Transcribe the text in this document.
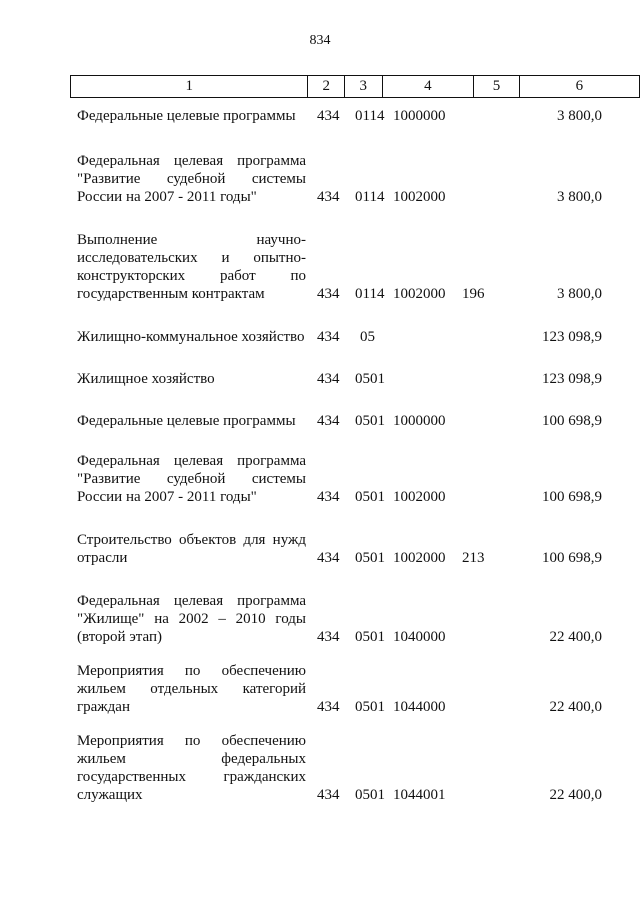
834
1	2	3	4	5	6
Федеральные целевые программы	434 0114 1000000	3 800,0
Федеральная целевая программа "Развитие судебной системы России на 2007 - 2011 годы"	434 0114 1002000	3 800,0
Выполнение научно-исследовательских и опытно-конструкторских работ по государственным контрактам	434 0114 1002000 196	3 800,0
Жилищно-коммунальное хозяйство 434 05	123 098,9
Жилищное хозяйство	434 0501	123 098,9
Федеральные целевые программы	434 0501 1000000	100 698,9
Федеральная целевая программа "Развитие судебной системы России на 2007 - 2011 годы"	434 0501 1002000	100 698,9
Строительство объектов для нужд отрасли	434 0501 1002000 213	100 698,9
Федеральная целевая программа "Жилище" на 2002 – 2010 годы (второй этап)	434 0501 1040000	22 400,0
Мероприятия по обеспечению жильем отдельных категорий граждан	434 0501 1044000	22 400,0
Мероприятия по обеспечению жильем федеральных государственных гражданских служащих	434 0501 1044001	22 400,0
